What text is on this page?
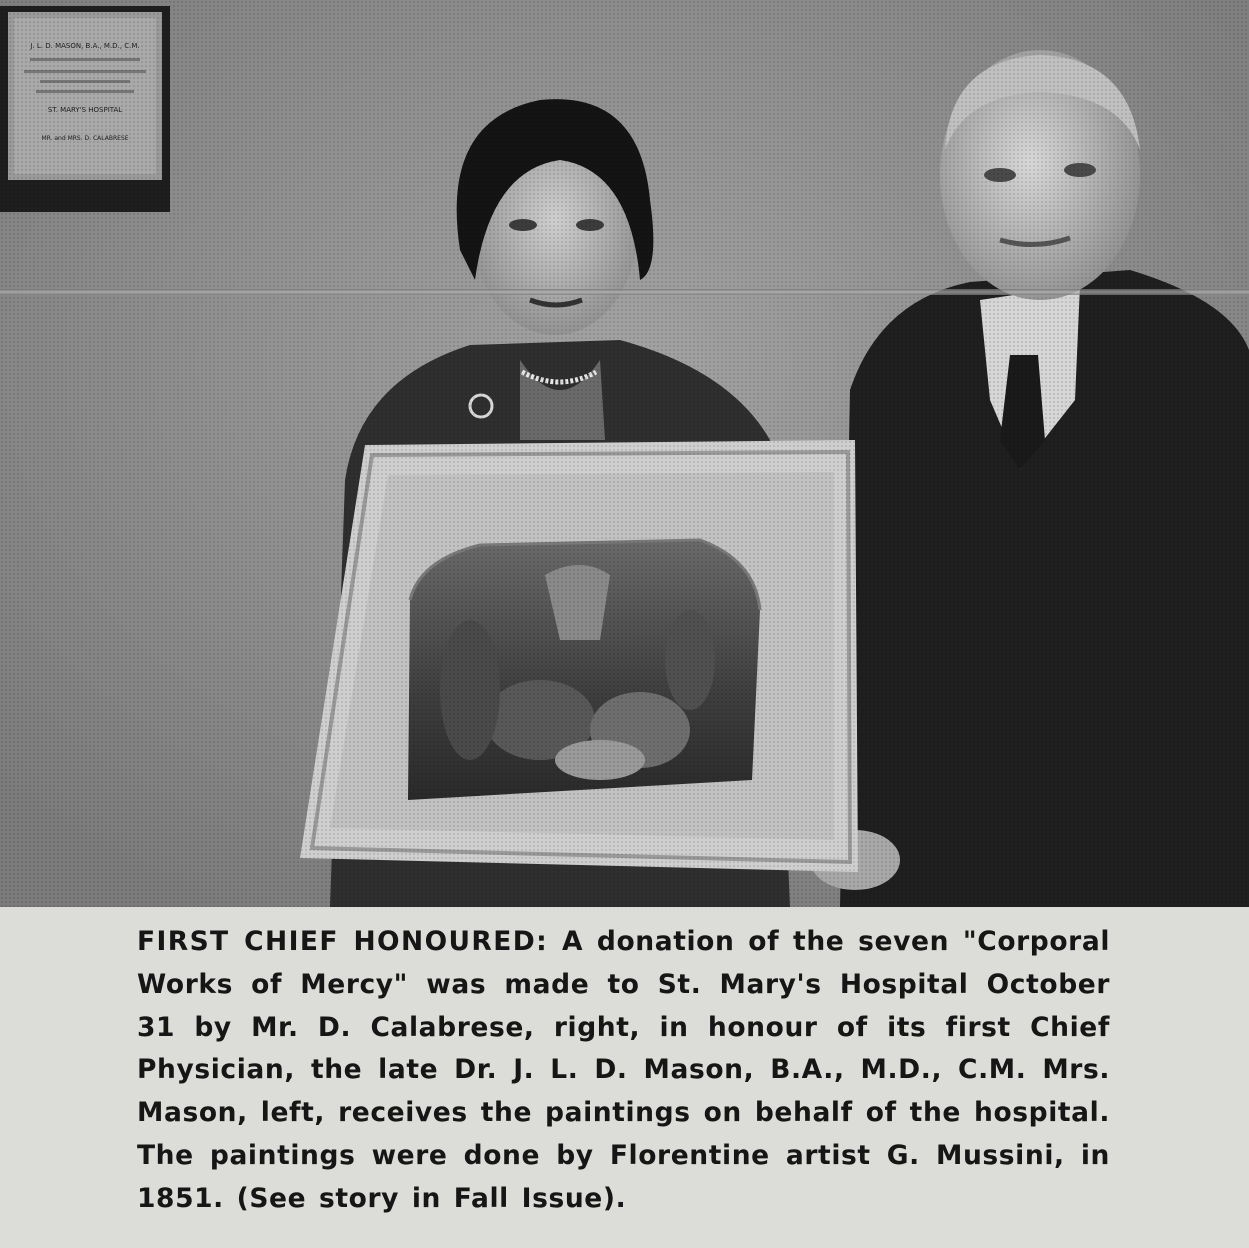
FIRST CHIEF HONOURED: A donation of the seven "Corporal Works of Mercy" was made to St. Mary's Hospital October 31 by Mr. D. Calabrese, right, in honour of its first Chief Physician, the late Dr. J. L. D. Mason, B.A., M.D., C.M. Mrs. Mason, left, receives the paintings on behalf of the hospital. The paintings were done by Florentine artist G. Mussini, in 1851. (See story in Fall Issue).
